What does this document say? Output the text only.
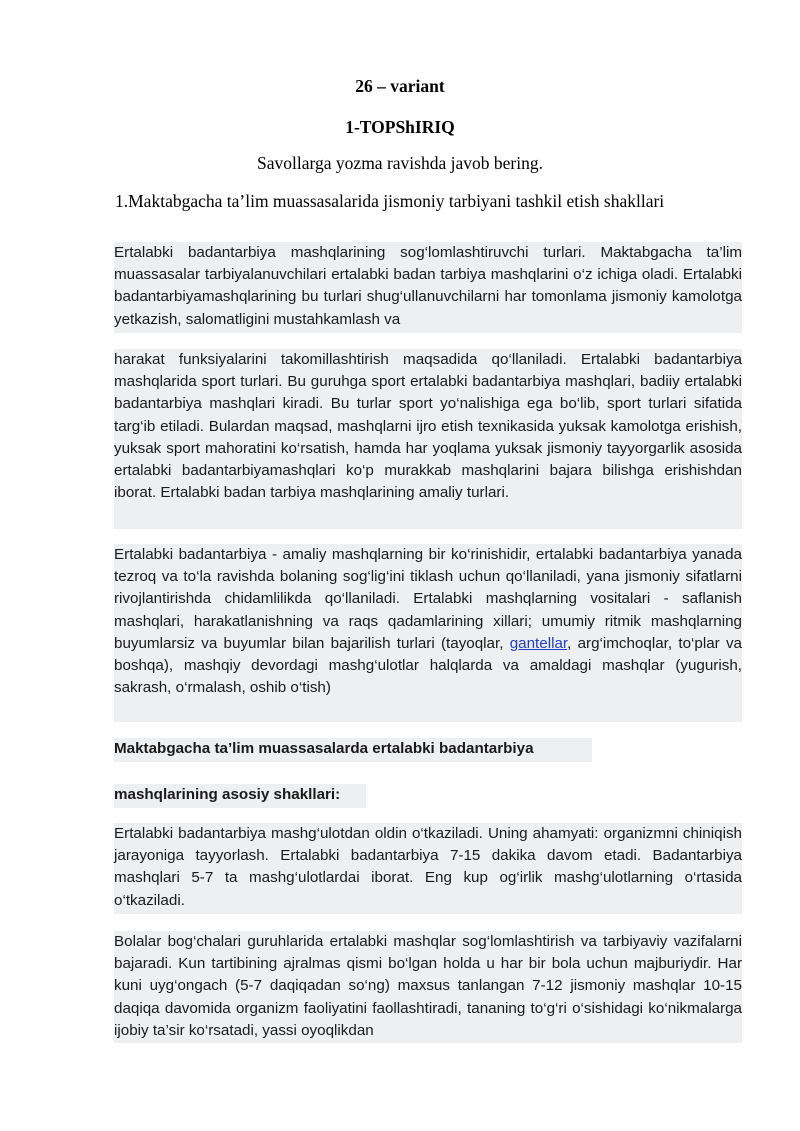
26 – variant
1-TOPShIRIQ
Savollarga yozma ravishda javob bering.
1.Maktabgacha ta’lim muassasalarida jismoniy tarbiyani tashkil etish shakllari

Ertalabki badantarbiya mashqlarining sog‘lomlashtiruvchi turlari. Maktabgacha ta’lim muassasalar tarbiyalanuvchilari ertalabki badan tarbiya mashqlarini o‘z ichiga oladi. Ertalabki badantarbiyamashqlarining bu turlari shug‘ullanuvchilarni har tomonlama jismoniy kamolotga yetkazish, salomatligini mustahkamlash va

harakat funksiyalarini takomillashtirish maqsadida qo‘llaniladi. Ertalabki badantarbiya mashqlarida sport turlari. Bu guruhga sport ertalabki badantarbiya mashqlari, badiiy ertalabki badantarbiya mashqlari kiradi. Bu turlar sport yo‘nalishiga ega bo‘lib, sport turlari sifatida targ‘ib etiladi. Bulardan maqsad, mashqlarni ijro etish texnikasida yuksak kamolotga erishish, yuksak sport mahoratini ko‘rsatish, hamda har yoqlama yuksak jismoniy tayyorgarlik asosida ertalabki badantarbiyamashqlari ko‘p murakkab mashqlarini bajara bilishga erishishdan iborat. Ertalabki badan tarbiya mashqlarining amaliy turlari.

Ertalabki badantarbiya - amaliy mashqlarning bir ko‘rinishidir, ertalabki badantarbiya yanada tezroq va to‘la ravishda bolaning sog‘lig‘ini tiklash uchun qo‘llaniladi, yana jismoniy sifatlarni rivojlantirishda chidamlilikda qo‘llaniladi. Ertalabki mashqlarning vositalari - saflanish mashqlari, harakatlanishning va raqs qadamlarining xillari; umumiy ritmik mashqlarning buyumlarsiz va buyumlar bilan bajarilish turlari (tayoqlar, gantellar, arg‘imchoqlar, to‘plar va boshqa), mashqiy devordagi mashg‘ulotlar halqlarda va amaldagi mashqlar (yugurish, sakrash, o‘rmalash, oshib o‘tish)

Maktabgacha ta’lim muassasalarda ertalabki badantarbiya

mashqlarining asosiy shakllari:

Ertalabki badantarbiya mashg‘ulotdan oldin o‘tkaziladi. Uning ahamyati: organizmni chiniqish jarayoniga tayyorlash. Ertalabki badantarbiya 7-15 dakika davom etadi. Badantarbiya mashqlari 5-7 ta mashg‘ulotlardai iborat. Eng kup og‘irlik mashg‘ulotlarning o‘rtasida o‘tkaziladi.

Bolalar bog‘chalari guruhlarida ertalabki mashqlar sog‘lomlashtirish va tarbiyaviy vazifalarni bajaradi. Kun tartibining ajralmas qismi bo‘lgan holda u har bir bola uchun majburiydir. Har kuni uyg‘ongach (5-7 daqiqadan so‘ng) maxsus tanlangan 7-12 jismoniy mashqlar 10-15 daqiqa davomida organizm faoliyatini faollashtiradi, tananing to‘g‘ri o‘sishidagi ko‘nikmalarga ijobiy ta’sir ko‘rsatadi, yassi oyoqlikdan
